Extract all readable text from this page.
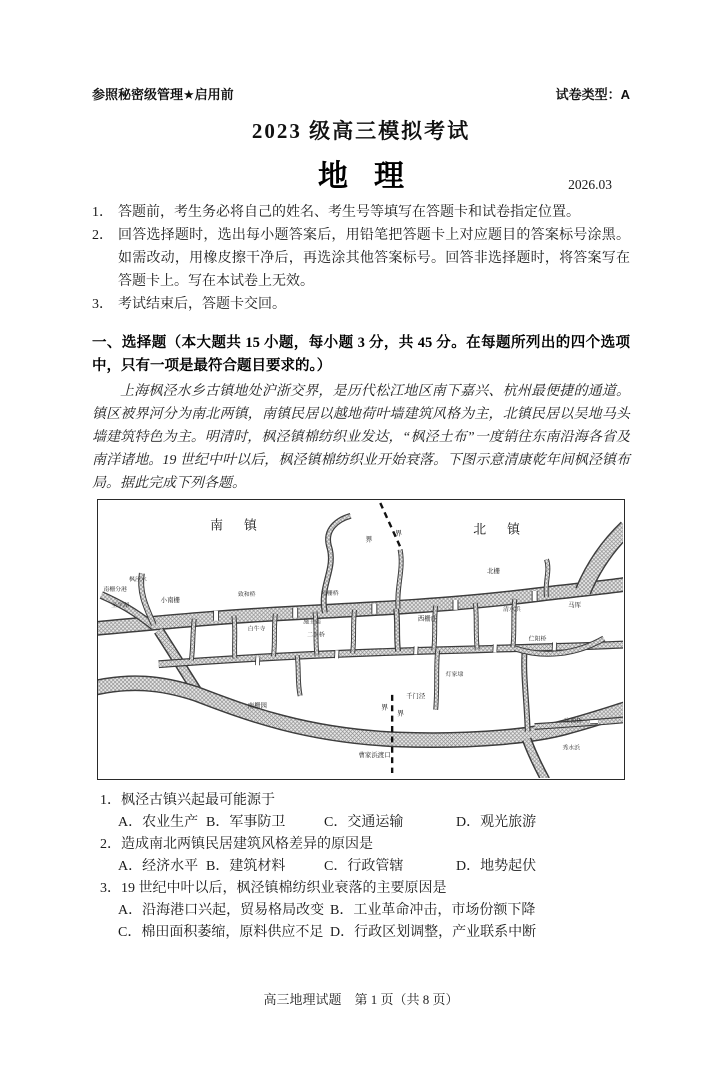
参照秘密级管理★启用前	试卷类型：A
2023 级高三模拟考试
地理	2026.03
1． 答题前，考生务必将自己的姓名、考生号等填写在答题卡和试卷指定位置。
2． 回答选择题时，选出每小题答案后，用铅笔把答题卡上对应题目的答案标号涂黑。如需改动，用橡皮擦干净后，再选涂其他答案标号。回答非选择题时，将答案写在答题卡上。写在本试卷上无效。
3． 考试结束后，答题卡交回。
一、选择题（本大题共 15 小题，每小题 3 分，共 45 分。在每题所列出的四个选项中，只有一项是最符合题目要求的。）
上海枫泾水乡古镇地处沪浙交界，是历代松江地区南下嘉兴、杭州最便捷的通道。镇区被界河分为南北两镇，南镇民居以越地荷叶墙建筑风格为主，北镇民居以吴地马头墙建筑特色为主。明清时，枫泾镇棉纺织业发达，“枫泾土布”一度销往东南沿海各省及南洋诸地。19 世纪中叶以后，枫泾镇棉纺织业开始衰落。下图示意清康乾年间枫泾镇布局。据此完成下列各题。
南 镇	北 镇
界
界
界
界
南栅分港
枫泾水
至平湖
小南栅
致和桥
白牛寺
东栅桥
二里桥
施王庙	西栅庄
北栅
清水浜
马厍
伫阳桥
灯家埭
千门泾
南栅园
曹家浜渡口
秀水浜
宝源桥
1．枫泾古镇兴起最可能源于
A．农业生产 B．军事防卫	C．交通运输	D．观光旅游
2．造成南北两镇民居建筑风格差异的原因是
A．经济水平 B．建筑材料	C．行政管辖	D．地势起伏
3．19 世纪中叶以后，枫泾镇棉纺织业衰落的主要原因是
A．沿海港口兴起，贸易格局改变 B．工业革命冲击，市场份额下降
C．棉田面积萎缩，原料供应不足 D．行政区划调整，产业联系中断
高三地理试题　第 1 页（共 8 页）
